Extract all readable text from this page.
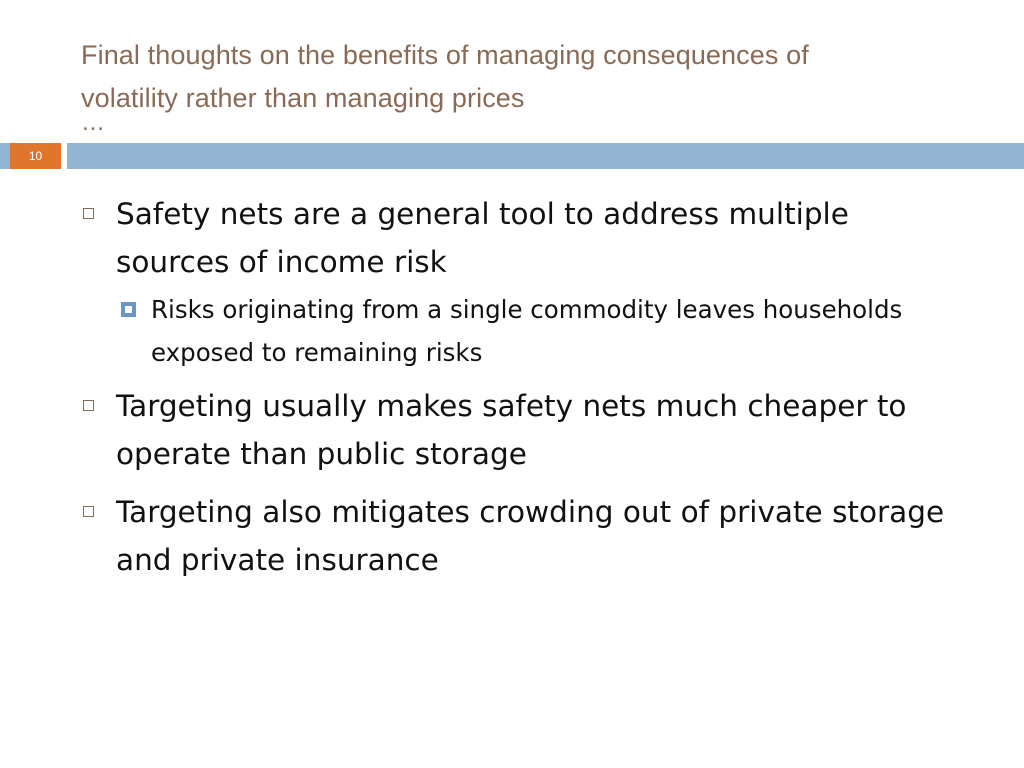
Final thoughts on the benefits of managing consequences of
volatility rather than managing prices
…
10
Safety nets are a general tool to address multiple sources of income risk
Risks originating from a single commodity leaves households exposed to remaining risks
Targeting usually makes safety nets much cheaper to operate than public storage
Targeting also mitigates crowding out of private storage and private insurance
